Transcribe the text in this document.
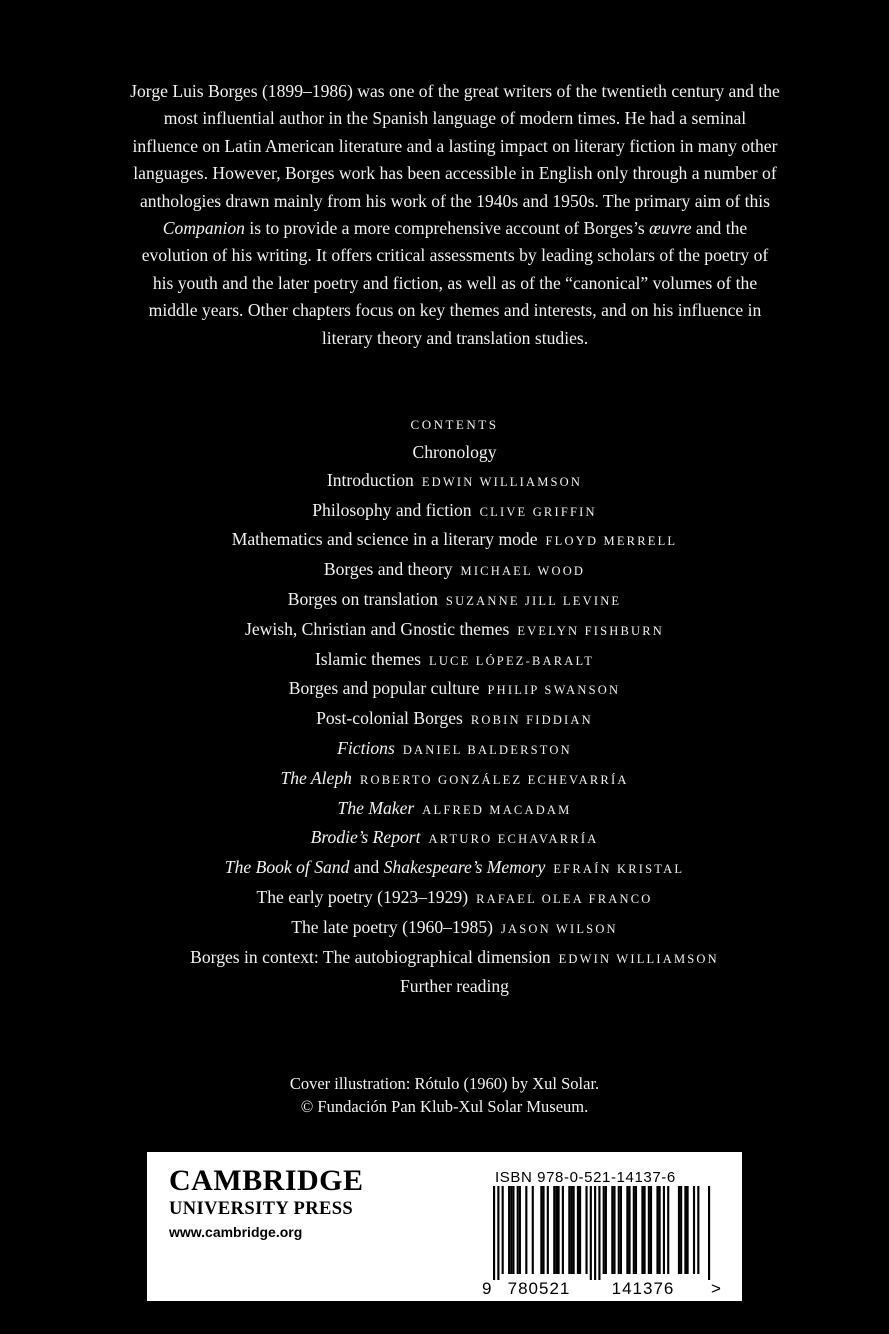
Jorge Luis Borges (1899–1986) was one of the great writers of the twentieth century and the most influential author in the Spanish language of modern times. He had a seminal influence on Latin American literature and a lasting impact on literary fiction in many other languages. However, Borges work has been accessible in English only through a number of anthologies drawn mainly from his work of the 1940s and 1950s. The primary aim of this Companion is to provide a more comprehensive account of Borges’s œuvre and the evolution of his writing. It offers critical assessments by leading scholars of the poetry of his youth and the later poetry and fiction, as well as of the “canonical” volumes of the middle years. Other chapters focus on key themes and interests, and on his influence in literary theory and translation studies.

CONTENTS
Chronology
Introduction EDWIN WILLIAMSON
Philosophy and fiction CLIVE GRIFFIN
Mathematics and science in a literary mode FLOYD MERRELL
Borges and theory MICHAEL WOOD
Borges on translation SUZANNE JILL LEVINE
Jewish, Christian and Gnostic themes EVELYN FISHBURN
Islamic themes LUCE LÓPEZ-BARALT
Borges and popular culture PHILIP SWANSON
Post-colonial Borges ROBIN FIDDIAN
Fictions DANIEL BALDERSTON
The Aleph ROBERTO GONZÁLEZ ECHEVARRÍA
The Maker ALFRED MACADAM
Brodie’s Report ARTURO ECHAVARRÍA
The Book of Sand and Shakespeare’s Memory EFRAÍN KRISTAL
The early poetry (1923–1929) RAFAEL OLEA FRANCO
The late poetry (1960–1985) JASON WILSON
Borges in context: The autobiographical dimension EDWIN WILLIAMSON
Further reading
Cover illustration: Rótulo (1960) by Xul Solar.
© Fundación Pan Klub-Xul Solar Museum.
CAMBRIDGE
UNIVERSITY PRESS
www.cambridge.org
ISBN 978-0-521-14137-6
9 780521 141376 >
